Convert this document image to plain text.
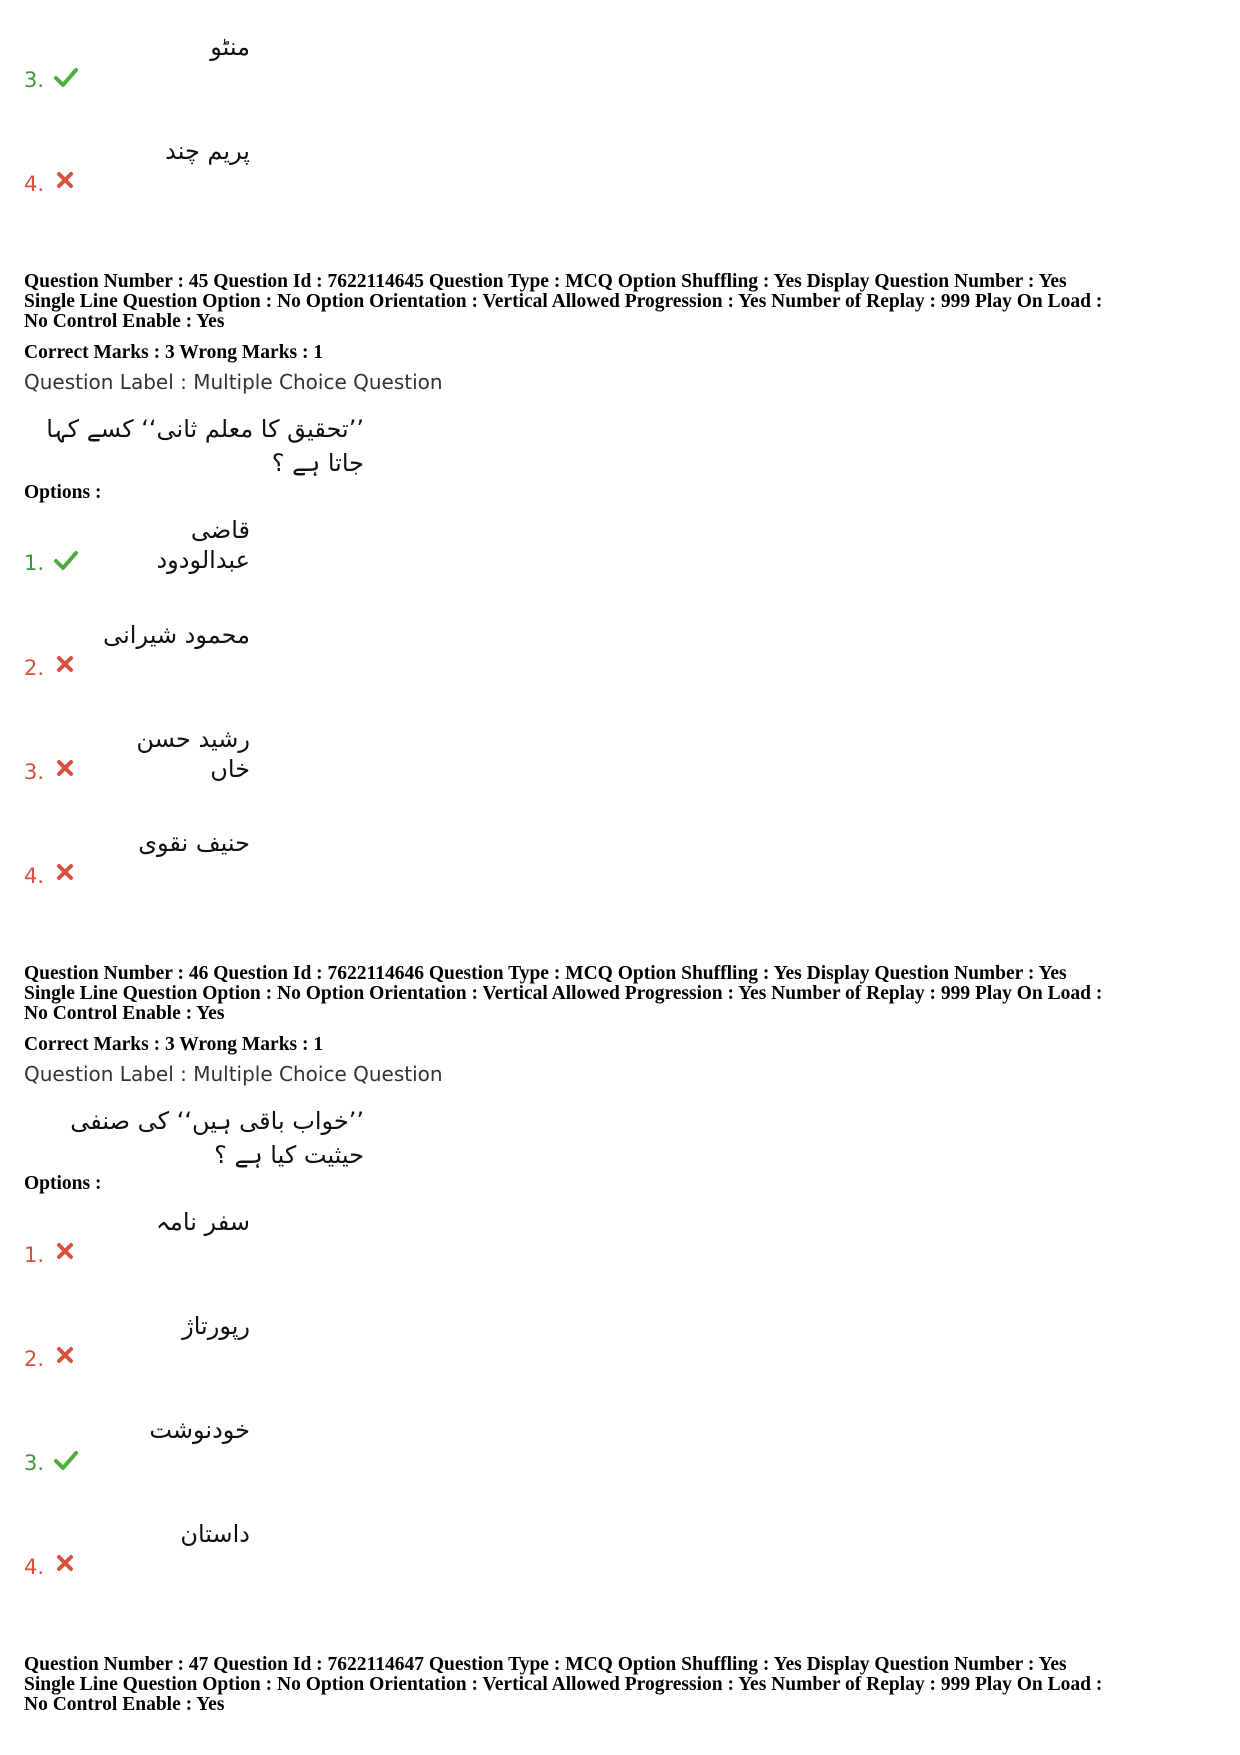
منٹو
3.
پریم چند
4.
Question Number : 45 Question Id : 7622114645 Question Type : MCQ Option Shuffling : Yes Display Question Number : Yes
Single Line Question Option : No Option Orientation : Vertical Allowed Progression : Yes Number of Replay : 999 Play On Load :
No Control Enable : Yes
Correct Marks : 3 Wrong Marks : 1
Question Label : Multiple Choice Question
’’تحقیق کا معلم ثانی‘‘ کسے کہا جاتا ہے ؟
Options :
قاضی عبدالودود
1.
محمود شیرانی
2.
رشید حسن خاں
3.
حنیف نقوی
4.
Question Number : 46 Question Id : 7622114646 Question Type : MCQ Option Shuffling : Yes Display Question Number : Yes
Single Line Question Option : No Option Orientation : Vertical Allowed Progression : Yes Number of Replay : 999 Play On Load :
No Control Enable : Yes
Correct Marks : 3 Wrong Marks : 1
Question Label : Multiple Choice Question
’’خواب باقی ہیں‘‘ کی صنفی حیثیت کیا ہے ؟
Options :
سفر نامہ
1.
رپورتاژ
2.
خودنوشت
3.
داستان
4.
Question Number : 47 Question Id : 7622114647 Question Type : MCQ Option Shuffling : Yes Display Question Number : Yes
Single Line Question Option : No Option Orientation : Vertical Allowed Progression : Yes Number of Replay : 999 Play On Load :
No Control Enable : Yes
